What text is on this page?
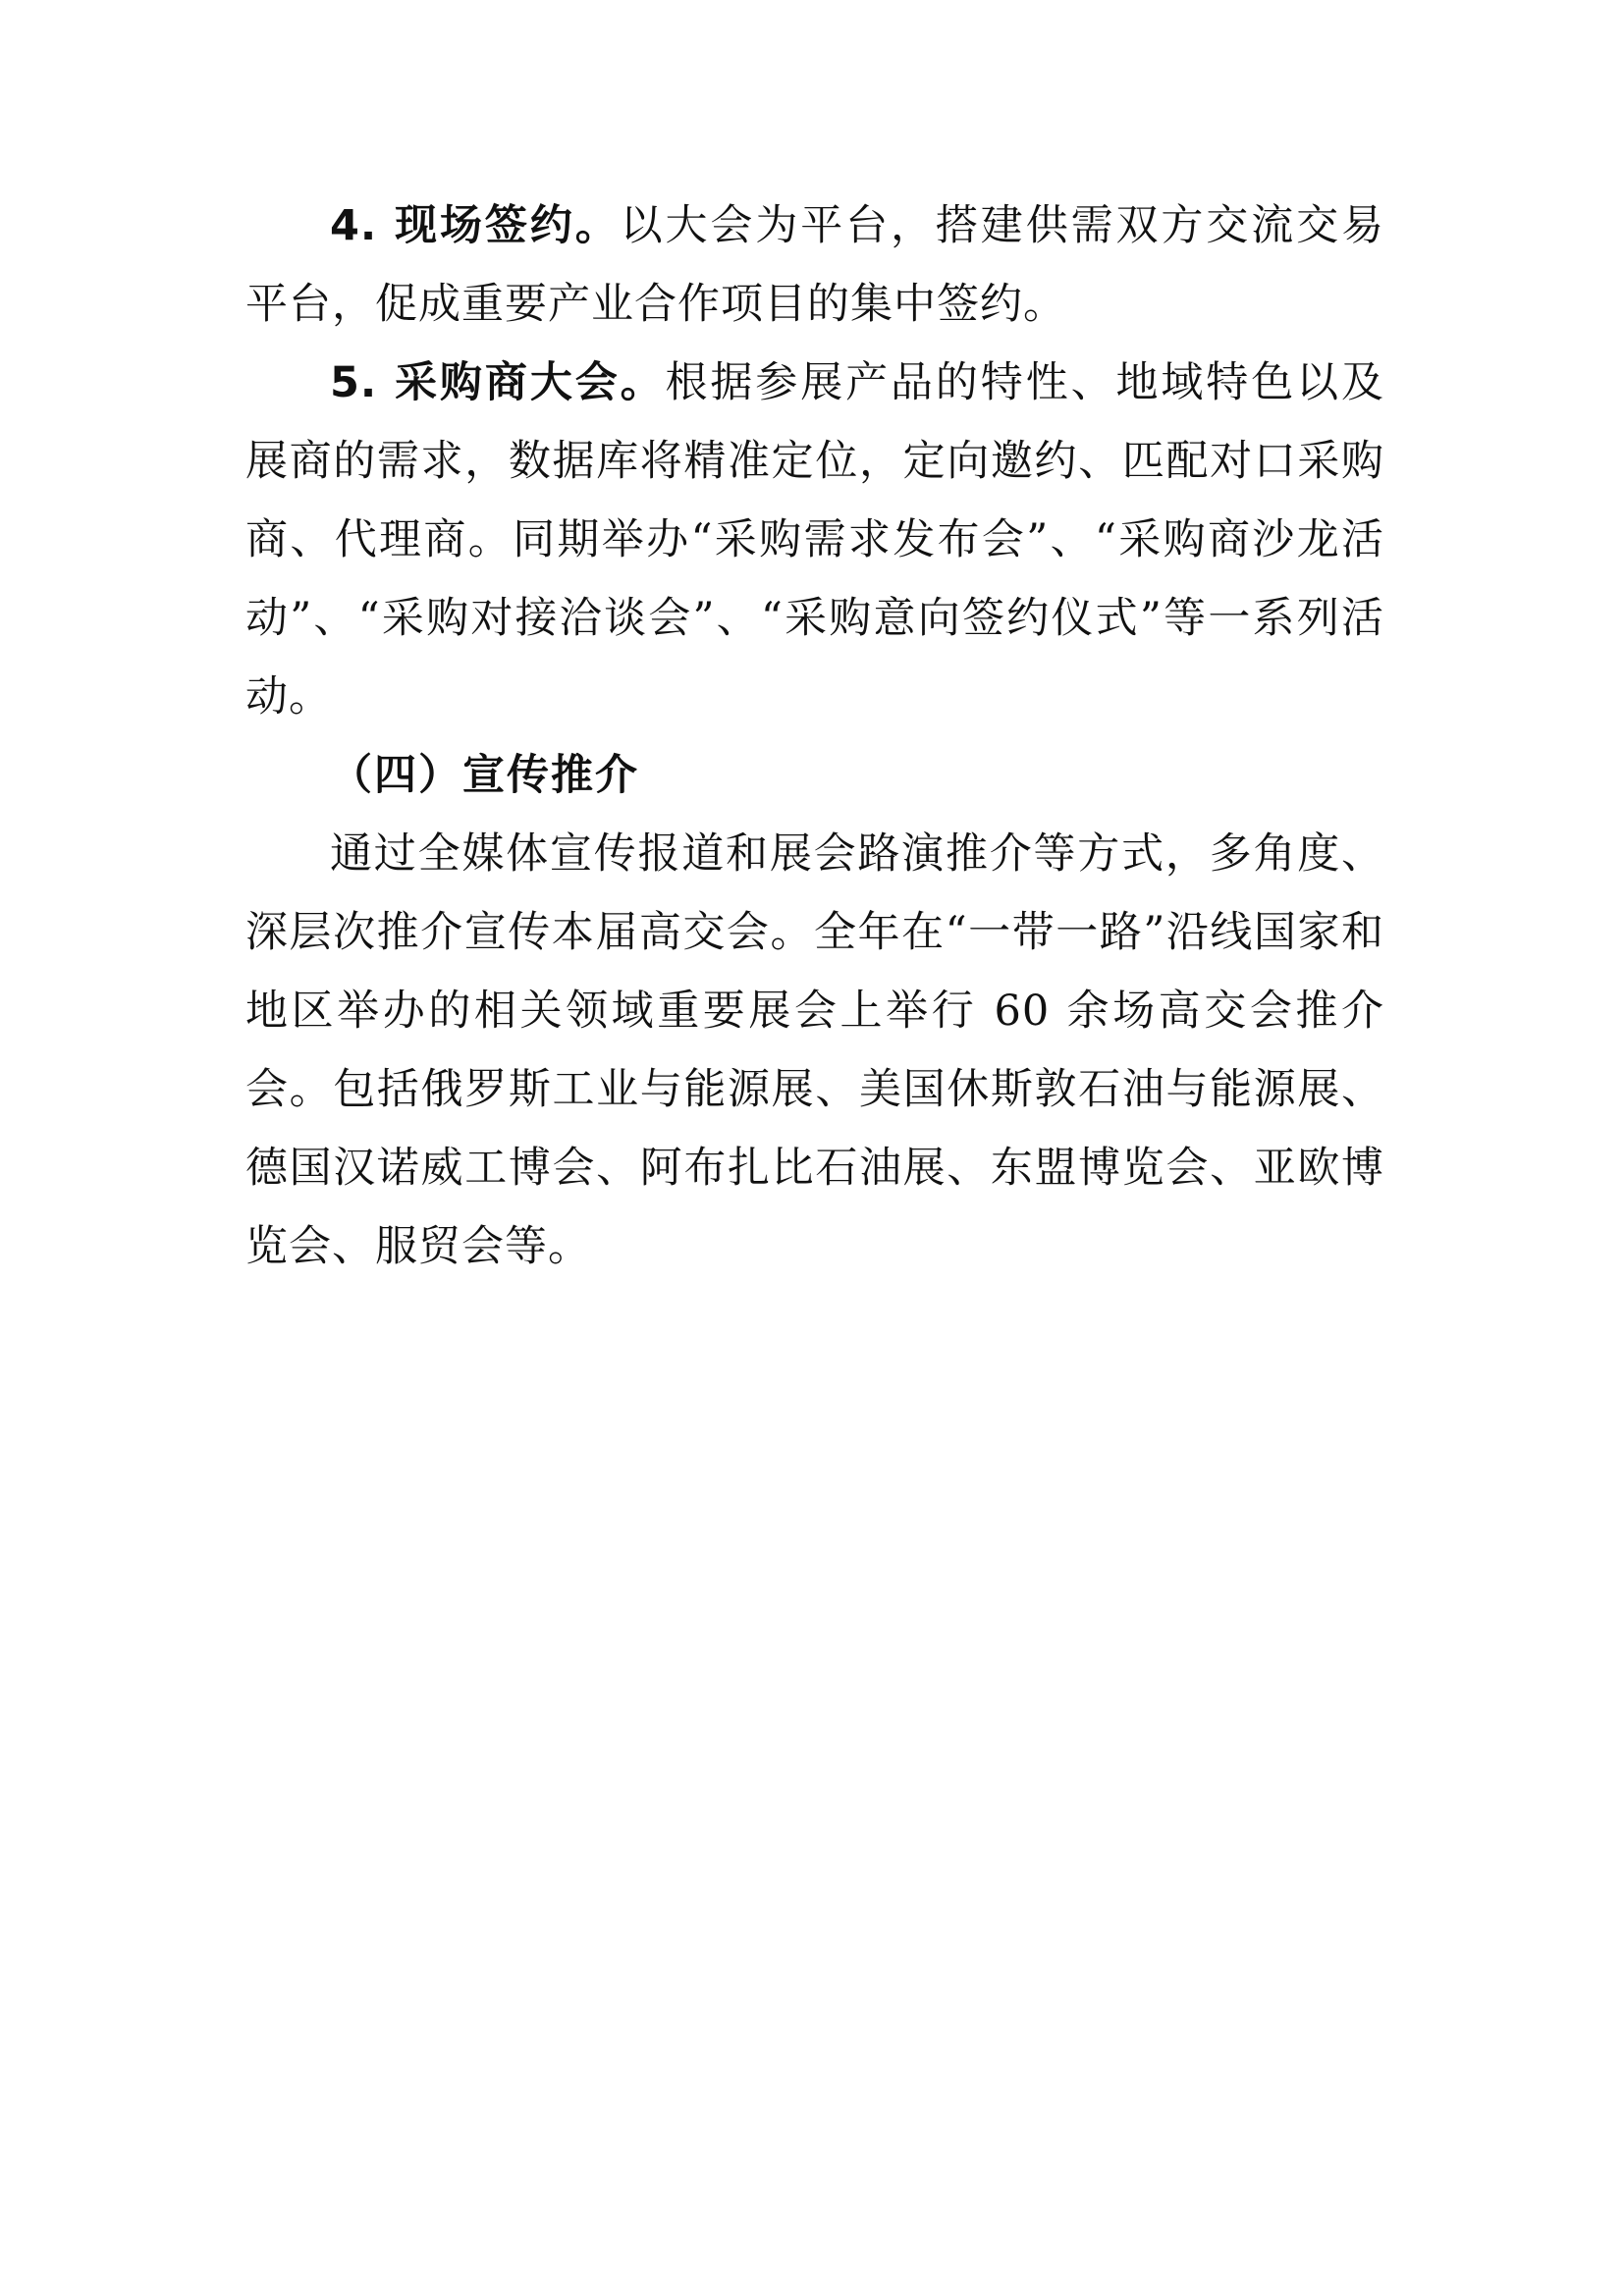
4. 现场签约。以大会为平台，搭建供需双方交流交易平台，促成重要产业合作项目的集中签约。

5. 采购商大会。根据参展产品的特性、地域特色以及展商的需求，数据库将精准定位，定向邀约、匹配对口采购商、代理商。同期举办“采购需求发布会”、“采购商沙龙活动”、“采购对接洽谈会”、“采购意向签约仪式”等一系列活动。

（四）宣传推介

通过全媒体宣传报道和展会路演推介等方式，多角度、深层次推介宣传本届高交会。全年在“一带一路”沿线国家和地区举办的相关领域重要展会上举行 60 余场高交会推介会。包括俄罗斯工业与能源展、美国休斯敦石油与能源展、德国汉诺威工博会、阿布扎比石油展、东盟博览会、亚欧博览会、服贸会等。
